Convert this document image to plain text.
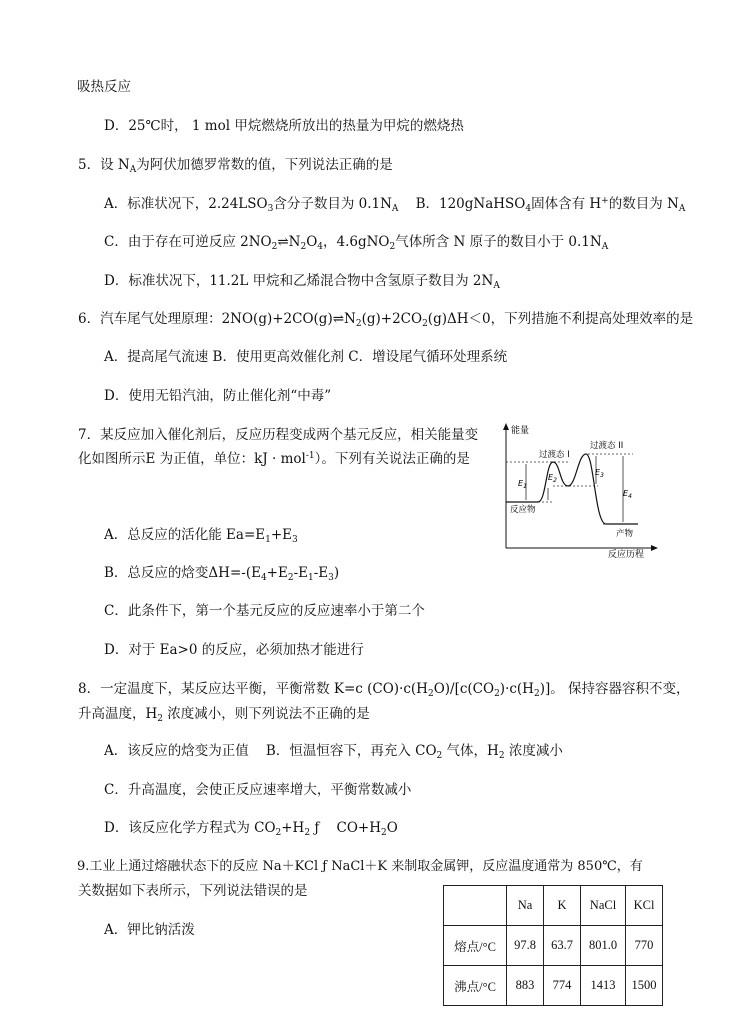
吸热反应
D．25℃时， 1 mol 甲烷燃烧所放出的热量为甲烷的燃烧热
5．设 $N_A$为阿伏加德罗常数的值，下列说法正确的是
A．标准状况下，$2.24LSO_3$含分子数目为 $0.1N_A$ B．120gNaHSO$_4$固体含有 H+的数目为 $N_A$
C．由于存在可逆反应 $2NO_2\rightleftharpoons N_2O_4$，4.6gNO$_2$气体所含 N 原子的数目小于 $0.1N_A$
D．标准状况下，11.2L 甲烷和乙烯混合物中含氢原子数目为 $2N_A$
6．汽车尾气处理原理：$2NO(g)+2CO(g)\rightleftharpoons N_2(g)+2CO_2(g)\Delta H<0$，下列措施不利提高处理效率的是
A．提高尾气流速 B．使用更高效催化剂 C．增设尾气循环处理系统
D．使用无铅汽油，防止催化剂“中毒”
7．某反应加入催化剂后，反应历程变成两个基元反应，相关能量变
化如图所示E 为正值，单位：kJ · mol$^{-1}$）。下列有关说法正确的是
能量
反应历程
$E_1$
$E_2$
$E_3$
$E_4$
过渡态 I
过渡态 II
反应物
产物
A．总反应的活化能 $Ea=E_1+E_3$
B．总反应的焓变$\Delta H=-(E_4+E_2-E_1-E_3)$
C．此条件下，第一个基元反应的反应速率小于第二个
D．对于 Ea>0 的反应，必须加热才能进行
8．一定温度下，某反应达平衡，平衡常数 K=c $(CO)\cdot c(H_2O)/[c(CO_2)\cdot c(H_2)]$。 保持容器容积不变，
升高温度，$H_2$ 浓度减小，则下列说法不正确的是
A．该反应的焓变为正值    B．恒温恒容下，再充入 $CO_2$ 气体，$H_2$ 浓度减小
C．升高温度，会使正反应速率增大，平衡常数减小
D．该反应化学方程式为 $CO_2+H_2$ ƒ    $CO+H_2O$
9.工业上通过熔融状态下的反应 Na＋KCl ƒ NaCl＋K 来制取金属钾，反应温度通常为 850℃，有
关数据如下表所示，下列说法错误的是
A．钾比钠活泼
	Na	K	NaCl	KCl
熔点/°C	97.8	63.7	801.0	770
沸点/°C	883	774	1413	1500
